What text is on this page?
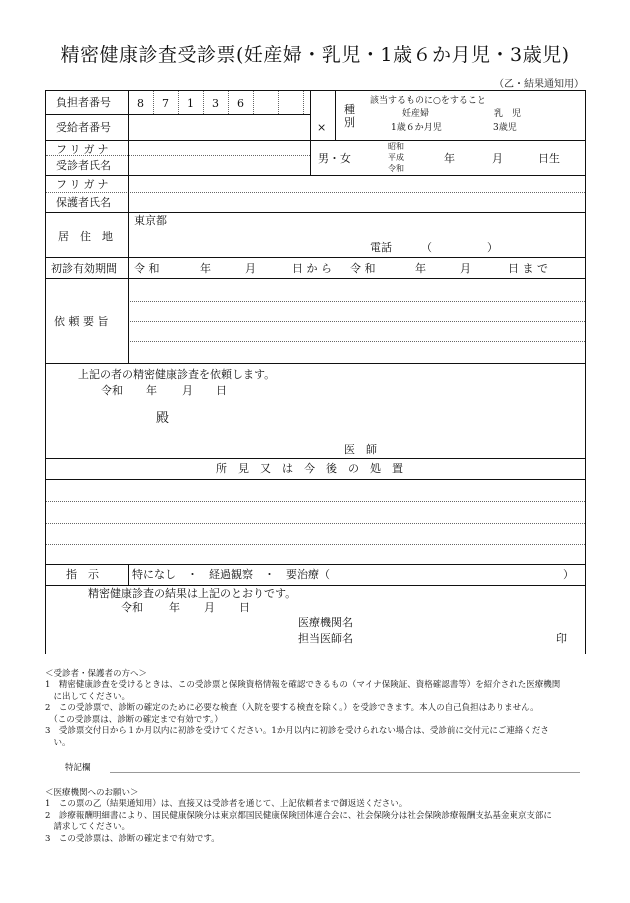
精密健康診査受診票(妊産婦・乳児・1歳６か月児・3歳児)
（乙・結果通知用）
負担者番号	8	7	1	3	6
受給者番号	×
種別
該当するものに○をすること
妊産婦	乳　児
1歳６か月児	3歳児
フリガナ
受診者氏名
男・女
昭和
平成
令和
年	月	日生
フリガナ
保護者氏名
居　住　地
東京都
電話	（　　　　　）
初診有効期間 令 和	年	月	日 か ら 令 和	年	月	日 ま で
依 頼 要 旨
上記の者の精密健康診査を依頼します。
令和 年 月 日
殿
医　師
所　見　又　は　今　後　の　処　置
指　示	特になし　・　経過観察　・　要治療（	）
精密健康診査の結果は上記のとおりです。
令和 年 月 日
医療機関名
担当医師名	印
＜受診者・保護者の方へ＞
1　精密健康診査を受けるときは、この受診票と保険資格情報を確認できるもの（マイナ保険証、資格確認書等）を紹介された医療機関
　に出してください。
2　この受診票で、診断の確定のために必要な検査（入院を要する検査を除く。）を受診できます。本人の自己負担はありません。
　（この受診票は、診断の確定まで有効です。）
3　受診票交付日から１か月以内に初診を受けてください。1か月以内に初診を受けられない場合は、受診前に交付元にご連絡くださ
　い。
特記欄
＜医療機関へのお願い＞
1　この票の乙（結果通知用）は、直接又は受診者を通じて、上記依頼者まで御返送ください。
2　診療報酬明細書により、国民健康保険分は東京都国民健康保険団体連合会に、社会保険分は社会保険診療報酬支払基金東京支部に
　請求してください。
3　この受診票は、診断の確定まで有効です。
